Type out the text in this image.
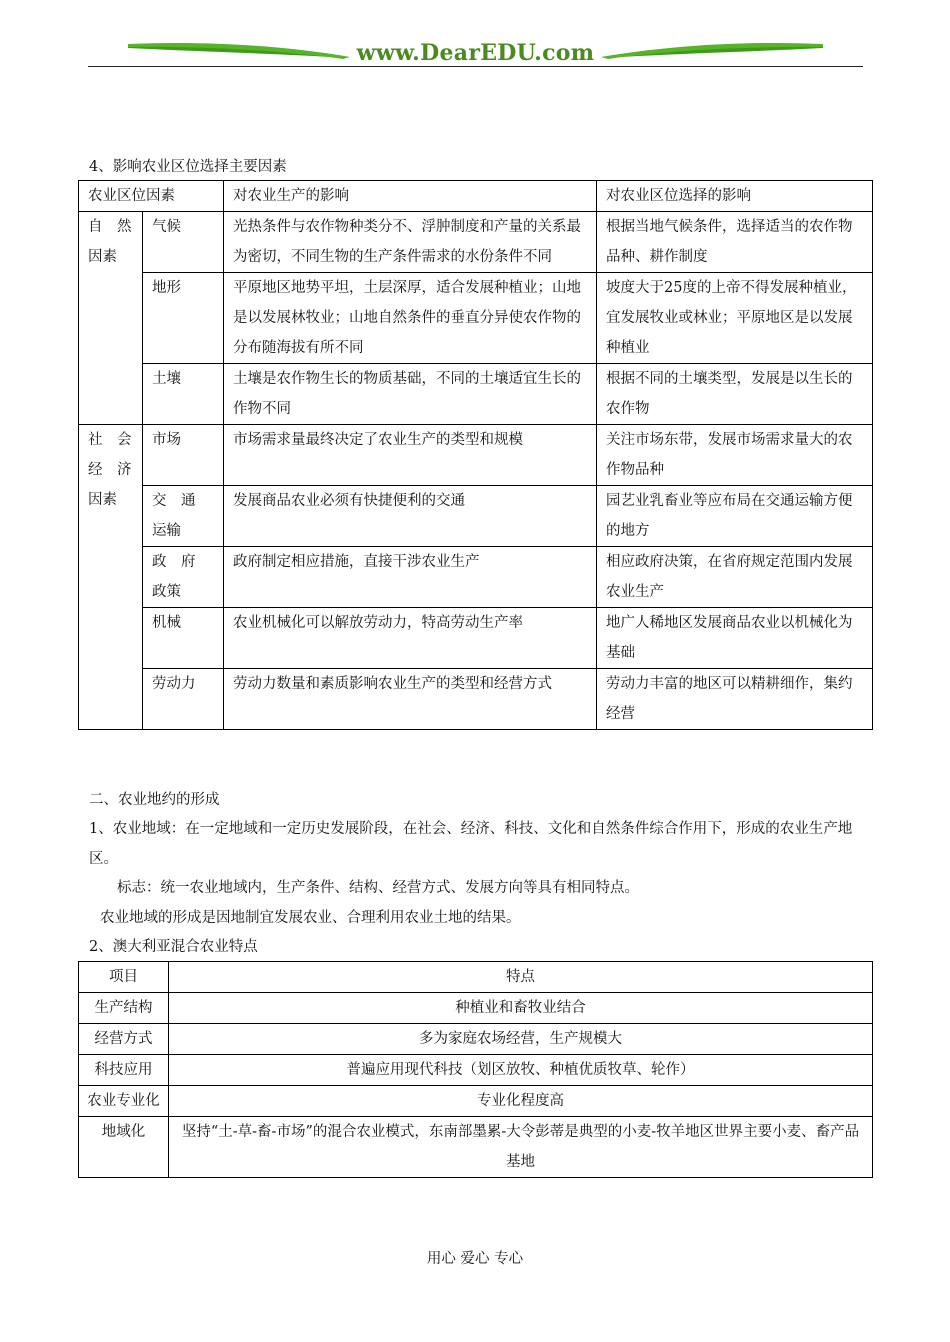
www.DearEDU.com
4、影响农业区位选择主要因素
农业区位因素		对农业生产的影响	对农业区位选择的影响
自　然因素	气候	光热条件与农作物种类分不、浮肿制度和产量的关系最为密切，不同生物的生产条件需求的水份条件不同	根据当地气候条件，选择适当的农作物品种、耕作制度
	地形	平原地区地势平坦，土层深厚，适合发展种植业；山地是以发展林牧业；山地自然条件的垂直分异使农作物的分布随海拔有所不同	坡度大于25度的上帝不得发展种植业，宜发展牧业或林业；平原地区是以发展种植业
	土壤	土壤是农作物生长的物质基础，不同的土壤适宜生长的作物不同	根据不同的土壤类型，发展是以生长的农作物
社　会经　济因素	市场	市场需求量最终决定了农业生产的类型和规模	关注市场东带，发展市场需求量大的农作物品种
	交　通　运输	发展商品农业必须有快捷便利的交通	园艺业乳畜业等应布局在交通运输方便的地方
	政　府　政策	政府制定相应措施，直接干涉农业生产	相应政府决策，在省府规定范围内发展农业生产
	机械	农业机械化可以解放劳动力，特高劳动生产率	地广人稀地区发展商品农业以机械化为基础
	劳动力	劳动力数量和素质影响农业生产的类型和经营方式	劳动力丰富的地区可以精耕细作，集约经营
二、农业地约的形成
1、农业地域：在一定地域和一定历史发展阶段，在社会、经济、科技、文化和自然条件综合作用下，形成的农业生产地区。
标志：统一农业地域内，生产条件、结构、经营方式、发展方向等具有相同特点。
农业地域的形成是因地制宜发展农业、合理利用农业土地的结果。
2、澳大利亚混合农业特点
项目	特点
生产结构	种植业和畜牧业结合
经营方式	多为家庭农场经营，生产规模大
科技应用	普遍应用现代科技（划区放牧、种植优质牧草、轮作）
农业专业化	专业化程度高
地域化	坚持“土-草-畜-市场”的混合农业模式，东南部墨累-大令彭蒂是典型的小麦-牧羊地区世界主要小麦、畜产品基地
用心 爱心 专心
